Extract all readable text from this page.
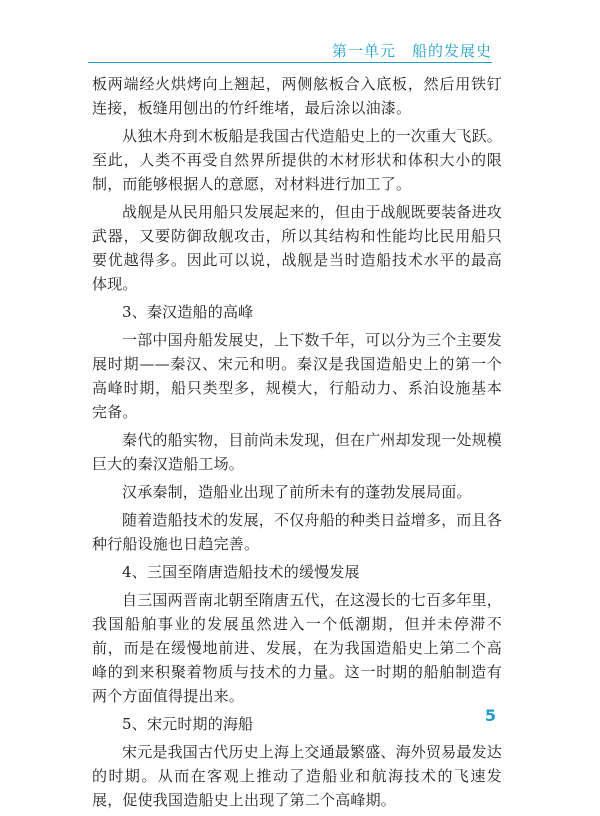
第一单元　船的发展史

板两端经火烘烤向上翘起，两侧舷板合入底板，然后用铁钉连接，板缝用刨出的竹纤维堵，最后涂以油漆。

从独木舟到木板船是我国古代造船史上的一次重大飞跃。至此，人类不再受自然界所提供的木材形状和体积大小的限制，而能够根据人的意愿，对材料进行加工了。

战舰是从民用船只发展起来的，但由于战舰既要装备进攻武器，又要防御敌舰攻击，所以其结构和性能均比民用船只要优越得多。因此可以说，战舰是当时造船技术水平的最高体现。

3、秦汉造船的高峰

一部中国舟船发展史，上下数千年，可以分为三个主要发展时期——秦汉、宋元和明。秦汉是我国造船史上的第一个高峰时期，船只类型多，规模大，行船动力、系泊设施基本完备。

秦代的船实物，目前尚未发现，但在广州却发现一处规模巨大的秦汉造船工场。

汉承秦制，造船业出现了前所未有的蓬勃发展局面。

随着造船技术的发展，不仅舟船的种类日益增多，而且各种行船设施也日趋完善。

4、三国至隋唐造船技术的缓慢发展

自三国两晋南北朝至隋唐五代，在这漫长的七百多年里，我国船舶事业的发展虽然进入一个低潮期，但并未停滞不前，而是在缓慢地前进、发展，在为我国造船史上第二个高峰的到来积聚着物质与技术的力量。这一时期的船舶制造有两个方面值得提出来。

5、宋元时期的海船

宋元是我国古代历史上海上交通最繁盛、海外贸易最发达的时期。从而在客观上推动了造船业和航海技术的飞速发展，促使我国造船史上出现了第二个高峰期。

5
